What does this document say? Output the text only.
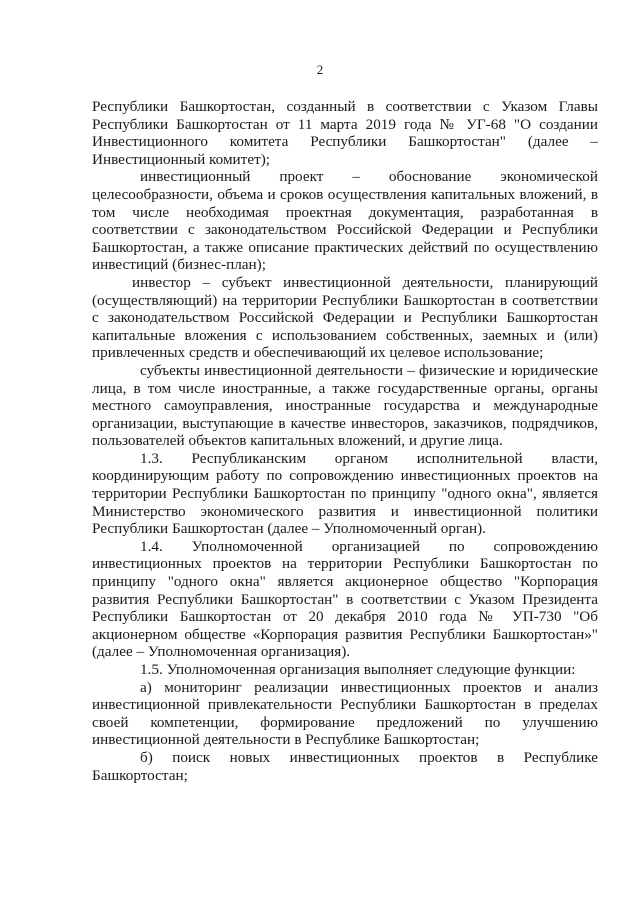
2

Республики Башкортостан, созданный в соответствии с Указом Главы Республики Башкортостан от 11 марта 2019 года № УГ-68 "О создании Инвестиционного комитета Республики Башкортостан" (далее – Инвестиционный комитет);

инвестиционный проект – обоснование экономической целесообразности, объема и сроков осуществления капитальных вложений, в том числе необходимая проектная документация, разработанная в соответствии с законодательством Российской Федерации и Республики Башкортостан, а также описание практических действий по осуществлению инвестиций (бизнес-план);

инвестор – субъект инвестиционной деятельности, планирующий (осуществляющий) на территории Республики Башкортостан в соответствии с законодательством Российской Федерации и Республики Башкортостан капитальные вложения с использованием собственных, заемных и (или) привлеченных средств и обеспечивающий их целевое использование;

субъекты инвестиционной деятельности – физические и юридические лица, в том числе иностранные, а также государственные органы, органы местного самоуправления, иностранные государства и международные организации, выступающие в качестве инвесторов, заказчиков, подрядчиков, пользователей объектов капитальных вложений, и другие лица.

1.3. Республиканским органом исполнительной власти, координирующим работу по сопровождению инвестиционных проектов на территории Республики Башкортостан по принципу "одного окна", является Министерство экономического развития и инвестиционной политики Республики Башкортостан (далее – Уполномоченный орган).

1.4. Уполномоченной организацией по сопровождению инвестиционных проектов на территории Республики Башкортостан по принципу "одного окна" является акционерное общество "Корпорация развития Республики Башкортостан" в соответствии с Указом Президента Республики Башкортостан от 20 декабря 2010 года № УП-730 "Об акционерном обществе «Корпорация развития Республики Башкортостан»" (далее – Уполномоченная организация).

1.5. Уполномоченная организация выполняет следующие функции:

а) мониторинг реализации инвестиционных проектов и анализ инвестиционной привлекательности Республики Башкортостан в пределах своей компетенции, формирование предложений по улучшению инвестиционной деятельности в Республике Башкортостан;

б) поиск новых инвестиционных проектов в Республике Башкортостан;
